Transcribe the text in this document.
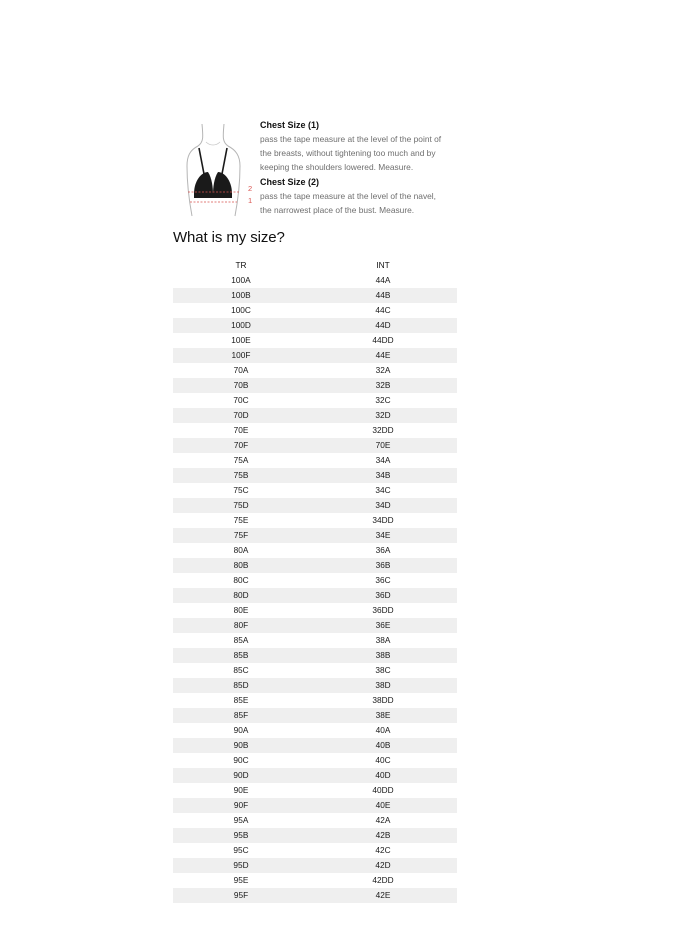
2
1
Chest Size (1)
pass the tape measure at the level of the point of
the breasts, without tightening too much and by
keeping the shoulders lowered. Measure.
Chest Size (2)
pass the tape measure at the level of the navel,
the narrowest place of the bust. Measure.
What is my size?
TR	INT
100A	44A
100B	44B
100C	44C
100D	44D
100E	44DD
100F	44E
70A	32A
70B	32B
70C	32C
70D	32D
70E	32DD
70F	70E
75A	34A
75B	34B
75C	34C
75D	34D
75E	34DD
75F	34E
80A	36A
80B	36B
80C	36C
80D	36D
80E	36DD
80F	36E
85A	38A
85B	38B
85C	38C
85D	38D
85E	38DD
85F	38E
90A	40A
90B	40B
90C	40C
90D	40D
90E	40DD
90F	40E
95A	42A
95B	42B
95C	42C
95D	42D
95E	42DD
95F	42E
